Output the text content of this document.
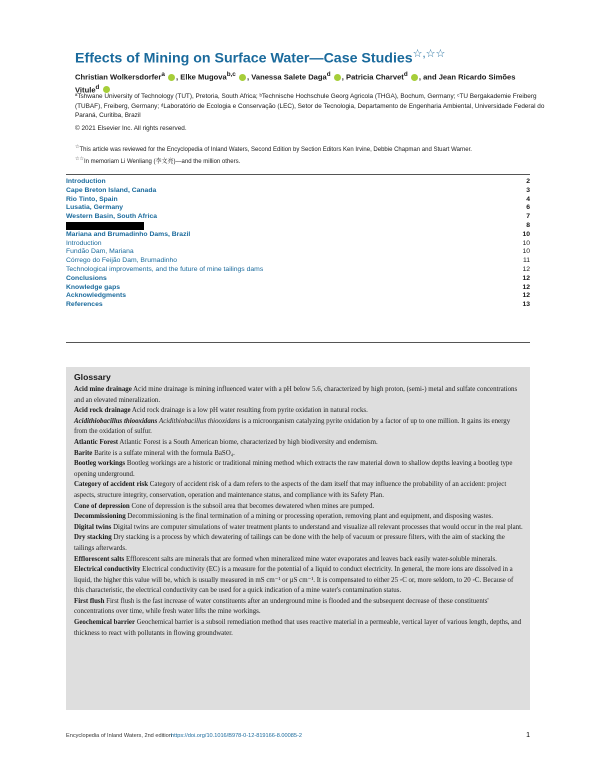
Effects of Mining on Surface Water—Case Studies☆,☆☆
Christian Wolkersdorfer$^a$ , Elke Mugova$^{b,c}$ , Vanessa Salete Daga$^d$ , Patricia Charvet$^d$ , and Jean Ricardo Simões Vitule$^d$
ªTshwane University of Technology (TUT), Pretoria, South Africa; ᵇTechnische Hochschule Georg Agricola (THGA), Bochum, Germany; ᶜTU Bergakademie Freiberg (TUBAF), Freiberg, Germany; ᵈLaboratório de Ecologia e Conservação (LEC), Setor de Tecnologia, Departamento de Engenharia Ambiental, Universidade Federal do Paraná, Curitiba, Brazil
© 2021 Elsevier Inc. All rights reserved.
☆This article was reviewed for the Encyclopedia of Inland Waters, Second Edition by Section Editors Ken Irvine, Debbie Chapman and Stuart Warner.
☆☆In memoriam Li Wenliang (李文亮)—and the million others.
Introduction	2
Cape Breton Island, Canada	3
Rio Tinto, Spain	4
Lusatia, Germany	6
Western Basin, South Africa	7
8
Mariana and Brumadinho Dams, Brazil	10
Introduction	10
Fundão Dam, Mariana	10
Córrego do Feijão Dam, Brumadinho	11
Technological improvements, and the future of mine tailings dams	12
Conclusions	12
Knowledge gaps	12
Acknowledgments	12
References	13
Glossary
Acid mine drainage Acid mine drainage is mining influenced water with a pH below 5.6, characterized by high proton, (semi-) metal and sulfate concentrations and an elevated mineralization.
Acid rock drainage Acid rock drainage is a low pH water resulting from pyrite oxidation in natural rocks.
Acidithiobacillus thiooxidans Acidithiobacillus thiooxidans is a microorganism catalyzing pyrite oxidation by a factor of up to one million. It gains its energy from the oxidation of sulfur.
Atlantic Forest Atlantic Forest is a South American biome, characterized by high biodiversity and endemism.
Barite Barite is a sulfate mineral with the formula BaSO₄.
Bootleg workings Bootleg workings are a historic or traditional mining method which extracts the raw material down to shallow depths leaving a bootleg type opening underground.
Category of accident risk Category of accident risk of a dam refers to the aspects of the dam itself that may influence the probability of an accident: project aspects, structure integrity, conservation, operation and maintenance status, and compliance with its Safety Plan.
Cone of depression Cone of depression is the subsoil area that becomes dewatered when mines are pumped.
Decommissioning Decommissioning is the final termination of a mining or processing operation, removing plant and equipment, and disposing wastes.
Digital twins Digital twins are computer simulations of water treatment plants to understand and visualize all relevant processes that would occur in the real plant.
Dry stacking Dry stacking is a process by which dewatering of tailings can be done with the help of vacuum or pressure filters, with the aim of stacking the tailings afterwards.
Efflorescent salts Efflorescent salts are minerals that are formed when mineralized mine water evaporates and leaves back easily water-soluble minerals.
Electrical conductivity Electrical conductivity (EC) is a measure for the potential of a liquid to conduct electricity. In general, the more ions are dissolved in a liquid, the higher this value will be, which is usually measured in mS cm⁻¹ or µS cm⁻¹. It is compensated to either 25 ◦C or, more seldom, to 20 ◦C. Because of this characteristic, the electrical conductivity can be used for a quick indication of a mine water's contamination status.
First flush First flush is the fast increase of water constituents after an underground mine is flooded and the subsequent decrease of these constituents' concentrations over time, while fresh water lifts the mine workings.
Geochemical barrier Geochemical barrier is a subsoil remediation method that uses reactive material in a permeable, vertical layer of various length, depths, and thickness to react with pollutants in flowing groundwater.
Encyclopedia of Inland Waters, 2nd edition https://doi.org/10.1016/B978-0-12-819166-8.00085-2	1
